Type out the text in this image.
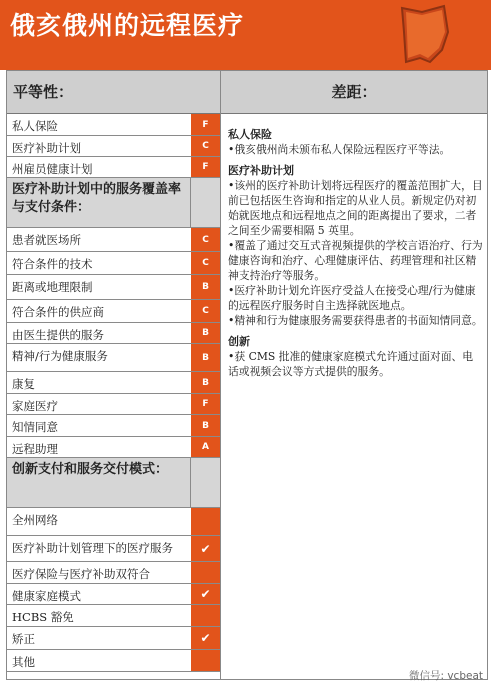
俄亥俄州的远程医疗
平等性：	差距：
私人保险	F
医疗补助计划	C
州雇员健康计划	F
医疗补助计划中的服务覆盖率与支付条件：
患者就医场所	C
符合条件的技术	C
距离或地理限制	B
符合条件的供应商	C
由医生提供的服务	B
精神/行为健康服务	B
康复	B
家庭医疗	F
知情同意	B
远程助理	A
创新支付和服务交付模式：
全州网络
医疗补助计划管理下的医疗服务	✔
医疗保险与医疗补助双符合
健康家庭模式	✔
HCBS 豁免
矫正	✔
其他
私人保险
•俄亥俄州尚未颁布私人保险远程医疗平等法。
医疗补助计划
•该州的医疗补助计划将远程医疗的覆盖范围扩大，目前已包括医生咨询和指定的从业人员。新规定仍对初始就医地点和远程地点之间的距离提出了要求，二者之间至少需要相隔 5 英里。
•覆盖了通过交互式音视频提供的学校言语治疗、行为健康咨询和治疗、心理健康评估、药理管理和社区精神支持治疗等服务。
•医疗补助计划允许医疗受益人在接受心理/行为健康的远程医疗服务时自主选择就医地点。
•精神和行为健康服务需要获得患者的书面知情同意。
创新
•获 CMS 批准的健康家庭模式允许通过面对面、电话或视频会议等方式提供的服务。
微信号: vcbeat
